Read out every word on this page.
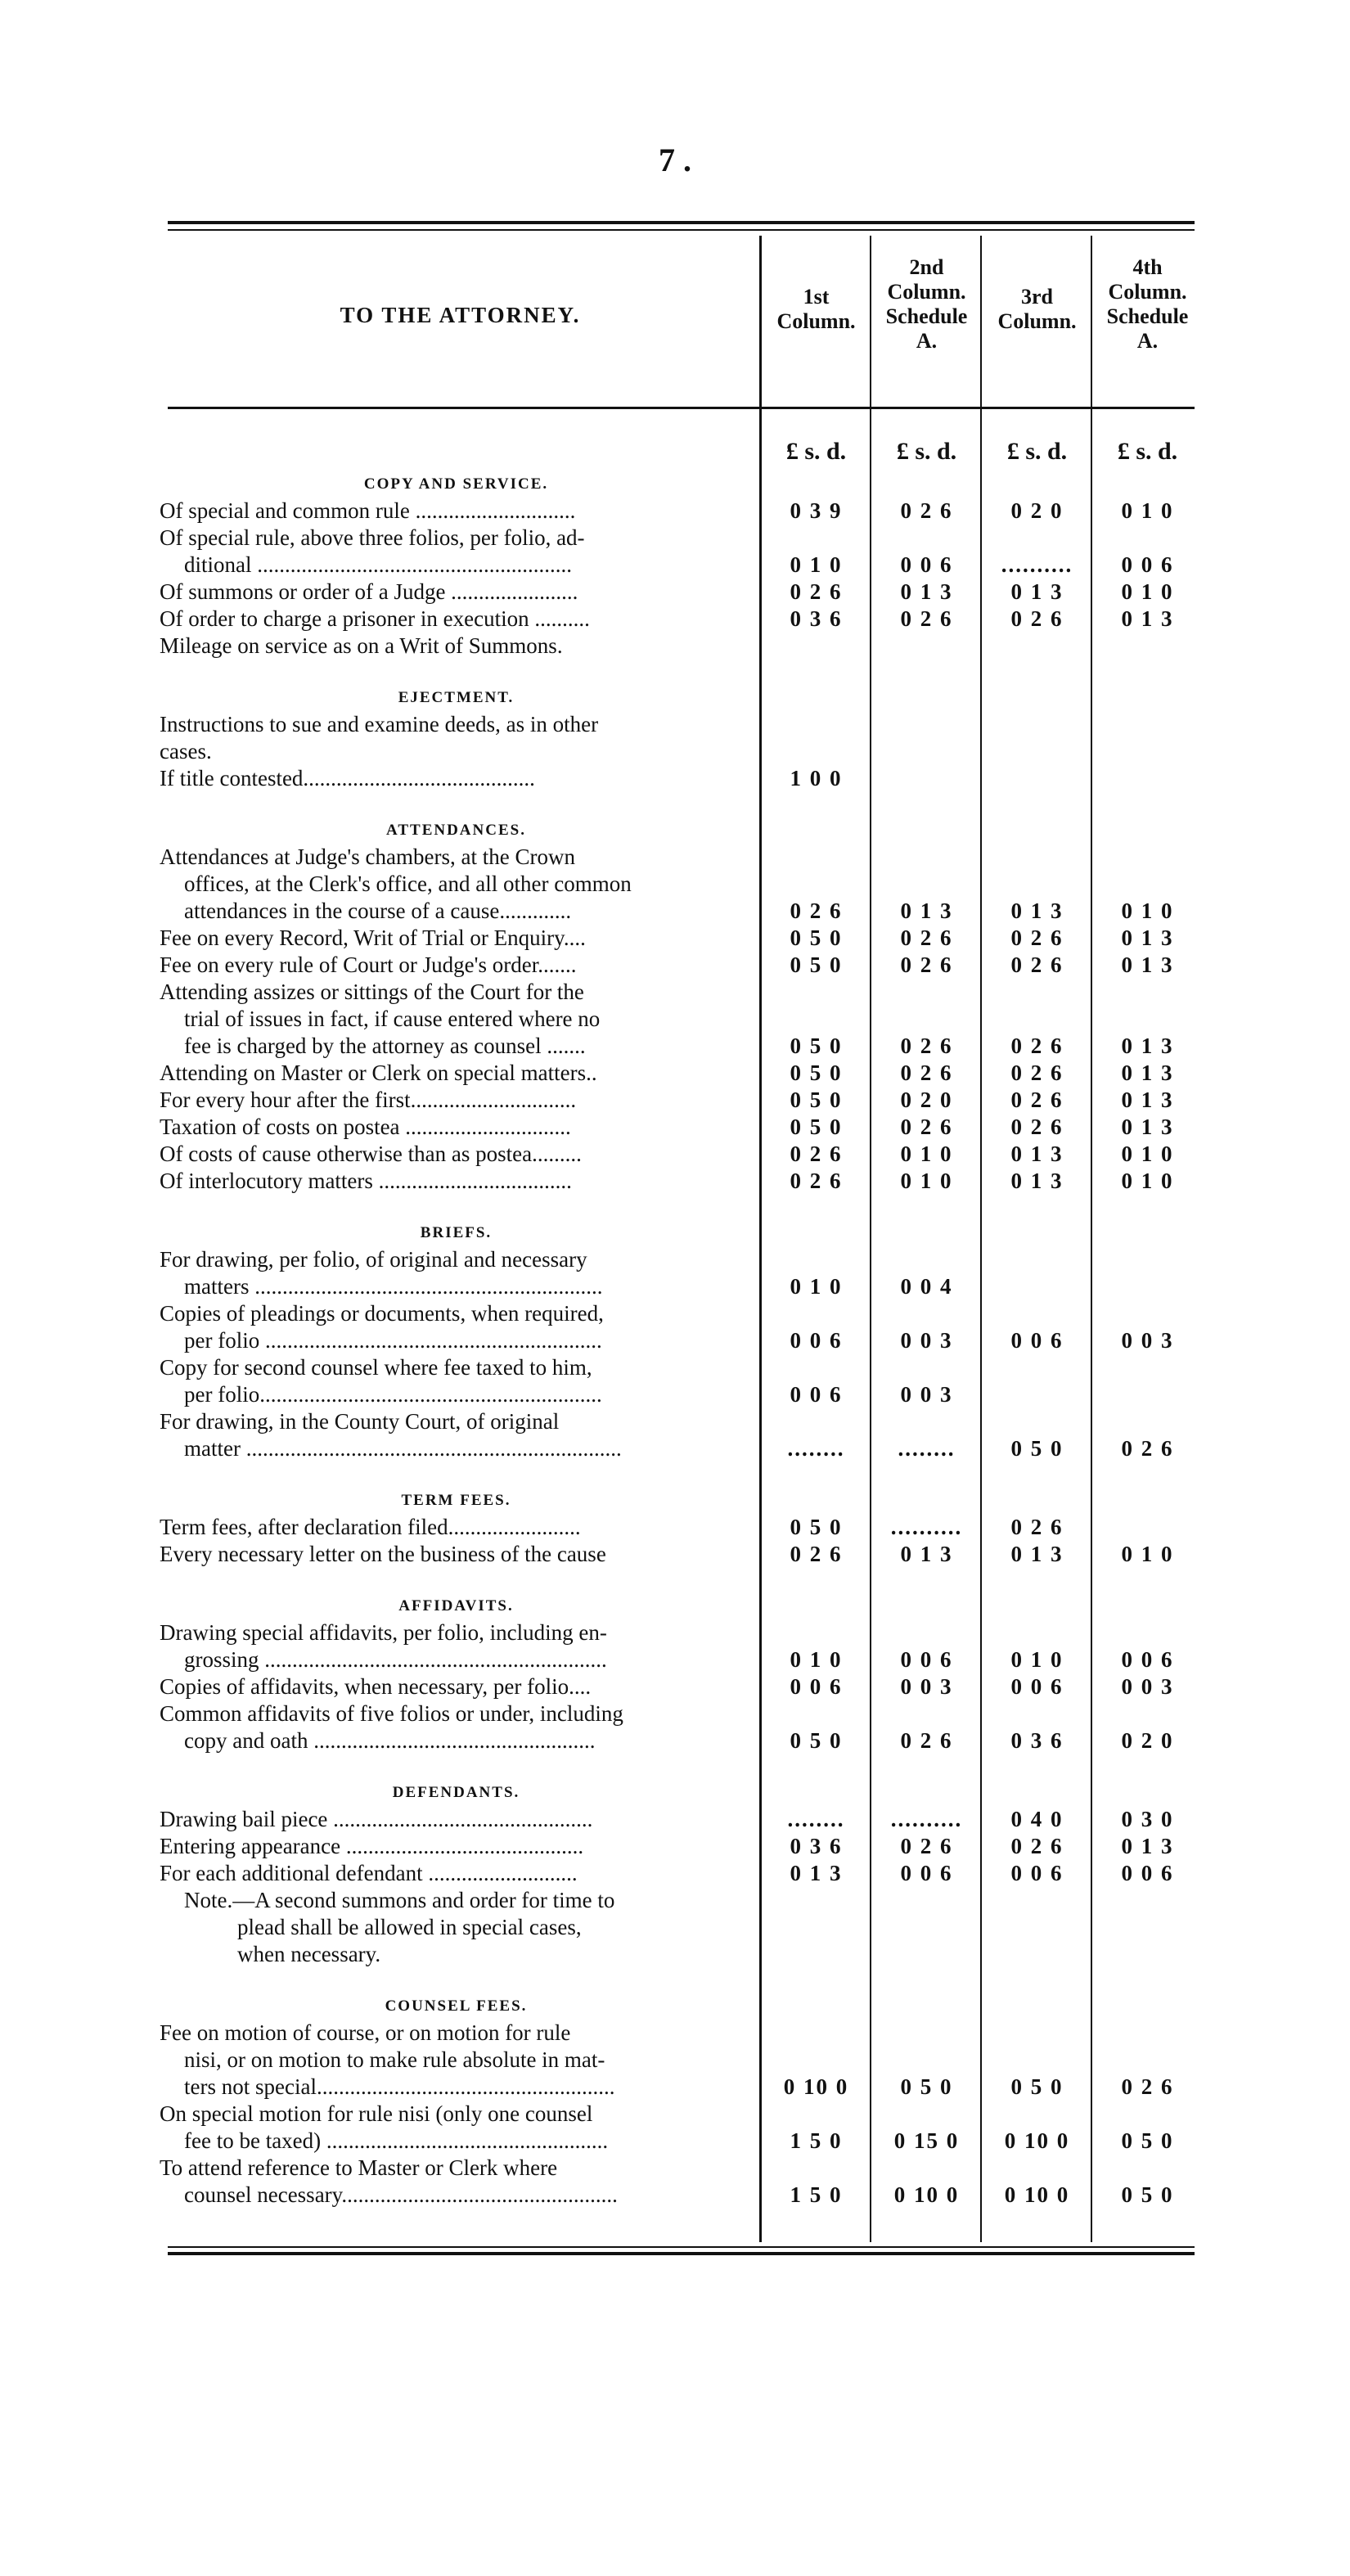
7 .
TO THE ATTORNEY.
1st
Column.
2nd
Column.
Schedule
A.
3rd
Column.
4th
Column.
Schedule
A.
£ s. d.	£ s. d.	£ s. d.	£ s. d.
COPY AND SERVICE.
Of special and common rule .............................	0 3 9	0 2 6	0 2 0	0 1 0
Of special rule, above three folios, per folio, ad-
ditional .........................................................	0 1 0	0 0 6	..........	0 0 6
Of summons or order of a Judge .......................	0 2 6	0 1 3	0 1 3	0 1 0
Of order to charge a prisoner in execution ..........	0 3 6	0 2 6	0 2 6	0 1 3
Mileage on service as on a Writ of Summons.
EJECTMENT.
Instructions to sue and examine deeds, as in other
cases.
If title contested..........................................	1 0 0
ATTENDANCES.
Attendances at Judge's chambers, at the Crown
offices, at the Clerk's office, and all other common
attendances in the course of a cause.............	0 2 6	0 1 3	0 1 3	0 1 0
Fee on every Record, Writ of Trial or Enquiry....	0 5 0	0 2 6	0 2 6	0 1 3
Fee on every rule of Court or Judge's order.......	0 5 0	0 2 6	0 2 6	0 1 3
Attending assizes or sittings of the Court for the
trial of issues in fact, if cause entered where no
fee is charged by the attorney as counsel .......	0 5 0	0 2 6	0 2 6	0 1 3
Attending on Master or Clerk on special matters..	0 5 0	0 2 6	0 2 6	0 1 3
For every hour after the first..............................	0 5 0	0 2 0	0 2 6	0 1 3
Taxation of costs on postea ..............................	0 5 0	0 2 6	0 2 6	0 1 3
Of costs of cause otherwise than as postea.........	0 2 6	0 1 0	0 1 3	0 1 0
Of interlocutory matters ...................................	0 2 6	0 1 0	0 1 3	0 1 0
BRIEFS.
For drawing, per folio, of original and necessary
matters ...............................................................	0 1 0	0 0 4
Copies of pleadings or documents, when required,
per folio .............................................................	0 0 6	0 0 3	0 0 6	0 0 3
Copy for second counsel where fee taxed to him,
per folio..............................................................	0 0 6	0 0 3
For drawing, in the County Court, of original
matter ....................................................................	........	........	0 5 0	0 2 6
TERM FEES.
Term fees, after declaration filed........................	0 5 0	..........	0 2 6
Every necessary letter on the business of the cause	0 2 6	0 1 3	0 1 3	0 1 0
AFFIDAVITS.
Drawing special affidavits, per folio, including en-
grossing ..............................................................	0 1 0	0 0 6	0 1 0	0 0 6
Copies of affidavits, when necessary, per folio....	0 0 6	0 0 3	0 0 6	0 0 3
Common affidavits of five folios or under, including
copy and oath ...................................................	0 5 0	0 2 6	0 3 6	0 2 0
DEFENDANTS.
Drawing bail piece ...............................................	........	..........	0 4 0	0 3 0
Entering appearance ...........................................	0 3 6	0 2 6	0 2 6	0 1 3
For each additional defendant ...........................	0 1 3	0 0 6	0 0 6	0 0 6
Note.—A second summons and order for time to
plead shall be allowed in special cases,
when necessary.
COUNSEL FEES.
Fee on motion of course, or on motion for rule
nisi, or on motion to make rule absolute in mat-
ters not special......................................................	0 10 0	0 5 0	0 5 0	0 2 6
On special motion for rule nisi (only one counsel
fee to be taxed) ...................................................	1 5 0	0 15 0	0 10 0	0 5 0
To attend reference to Master or Clerk where
counsel necessary..................................................	1 5 0	0 10 0	0 10 0	0 5 0
